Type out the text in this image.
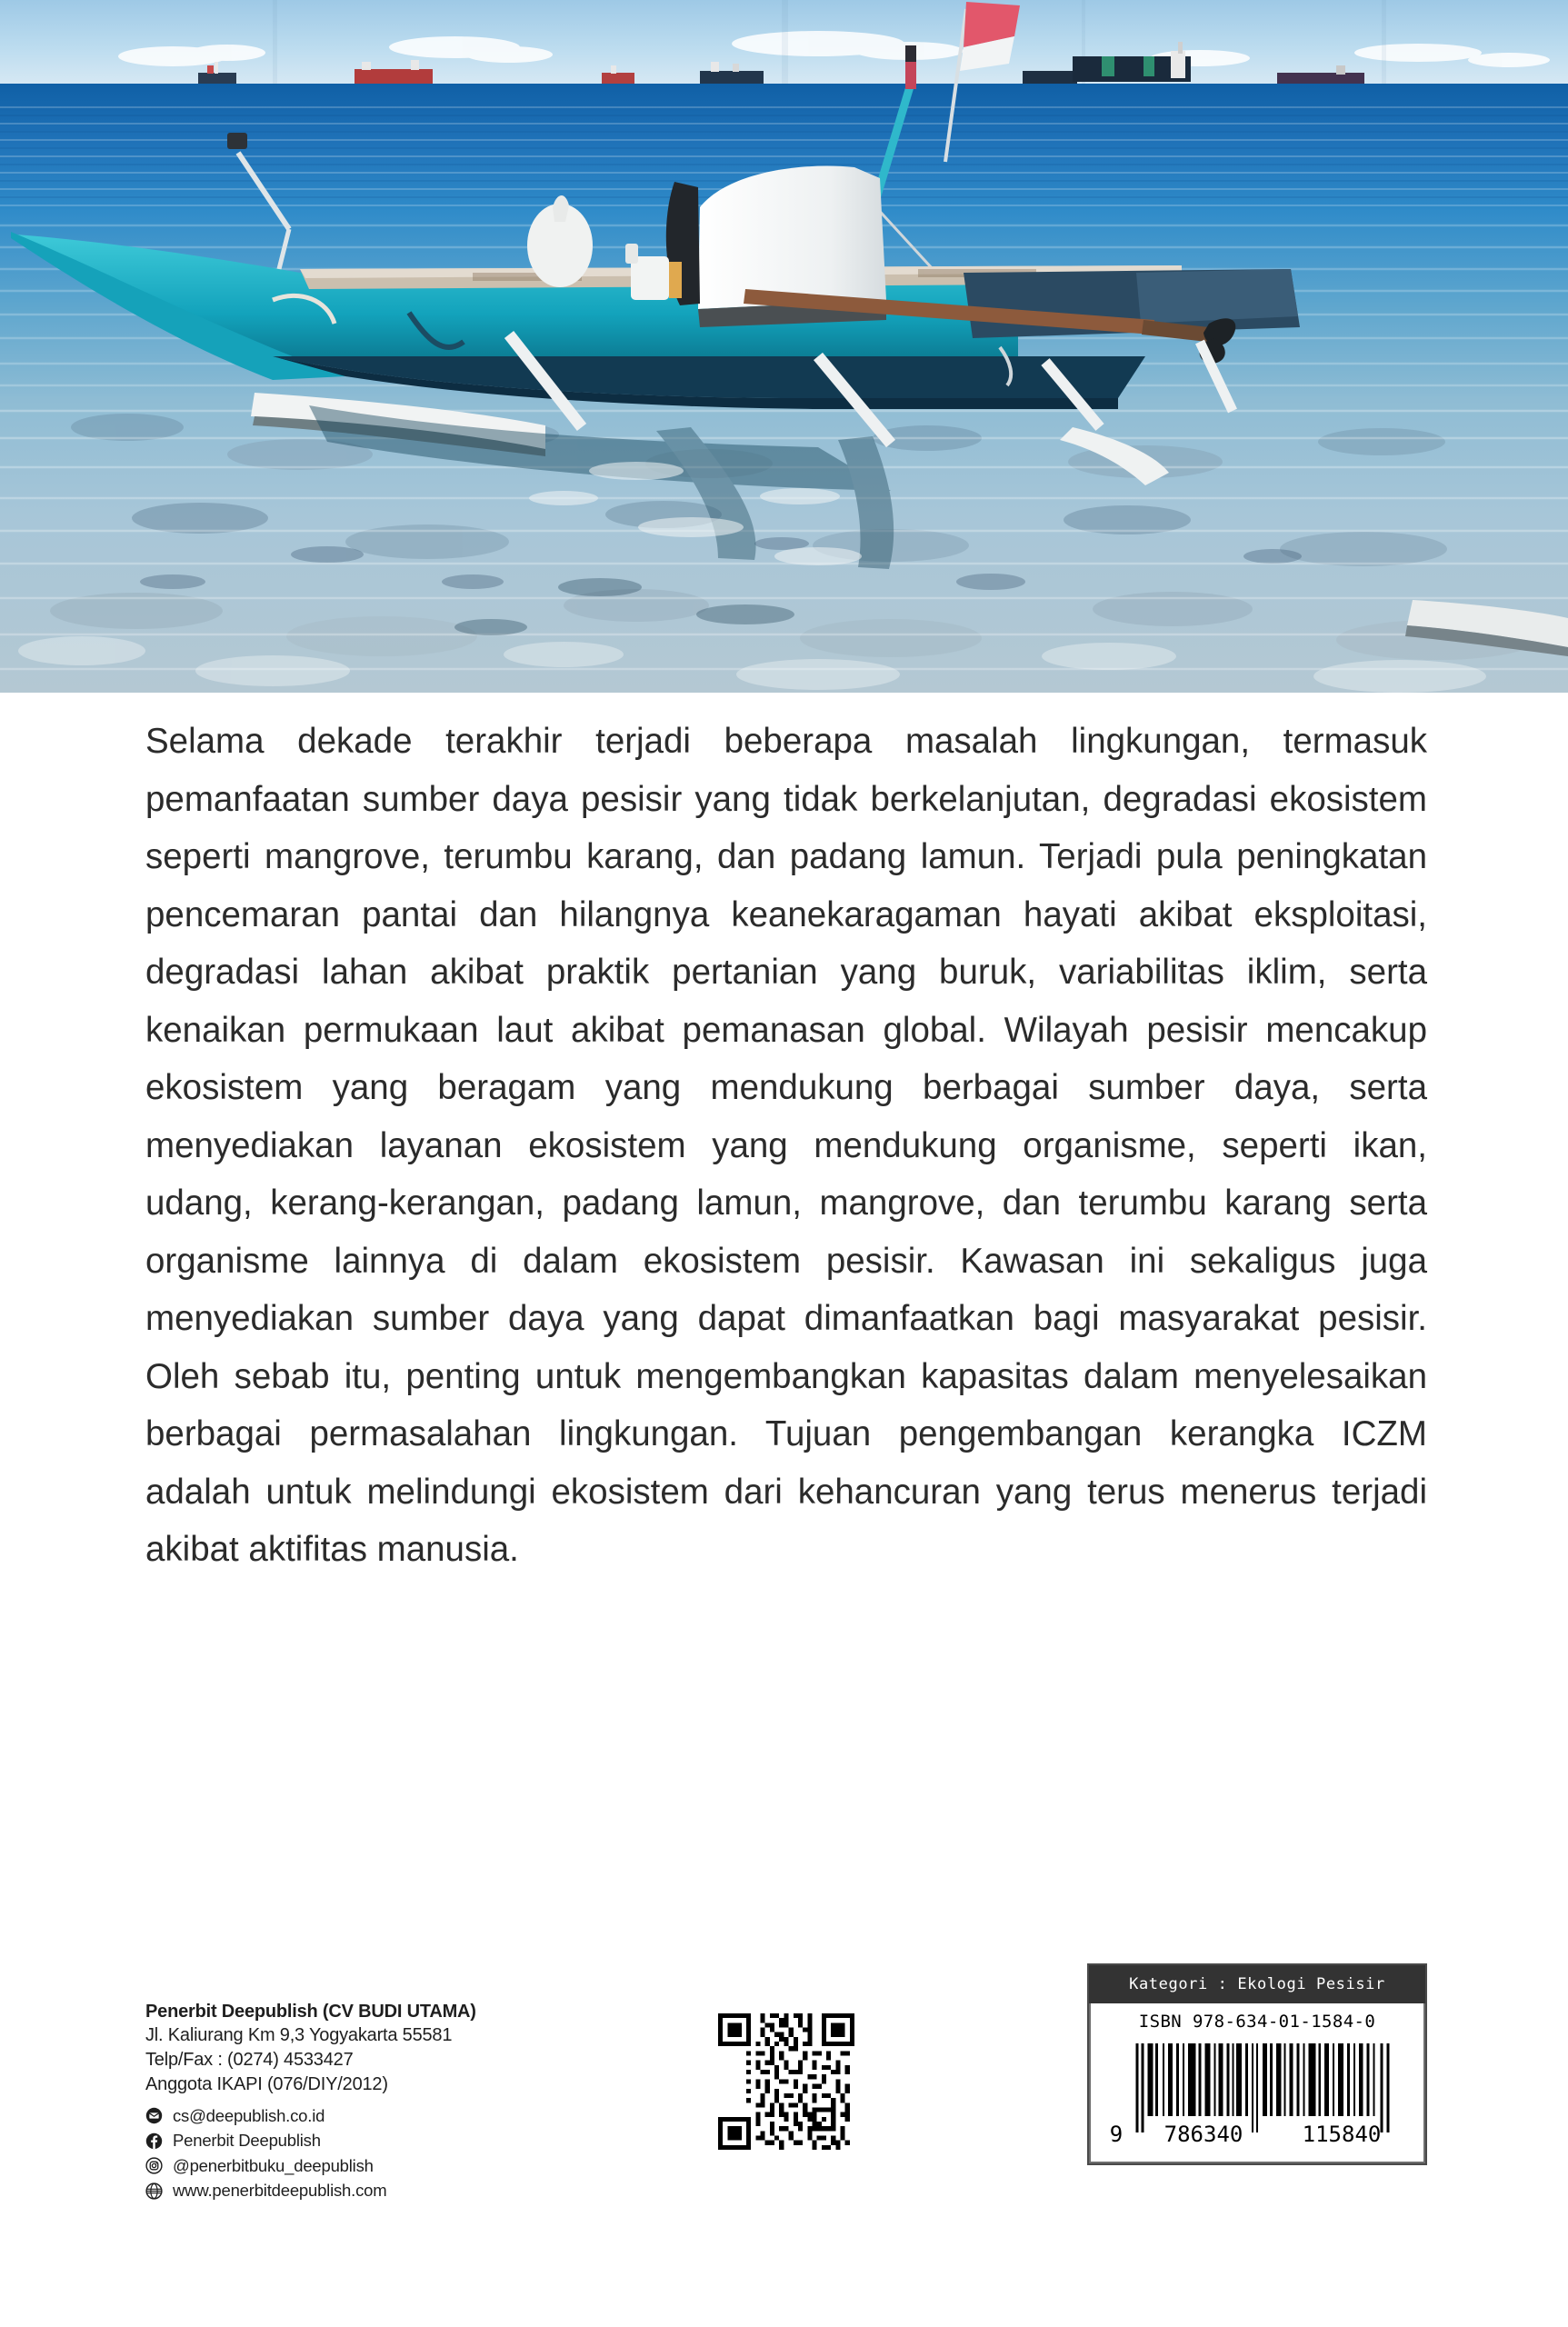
Selama dekade terakhir terjadi beberapa masalah lingkungan, termasuk pemanfaatan sumber daya pesisir yang tidak berkelanjutan, degradasi ekosistem seperti mangrove, terumbu karang, dan padang lamun. Terjadi pula peningkatan pencemaran pantai dan hilangnya keanekaragaman hayati akibat eksploitasi, degradasi lahan akibat praktik pertanian yang buruk, variabilitas iklim, serta kenaikan permukaan laut akibat pemanasan global. Wilayah pesisir mencakup ekosistem yang beragam yang mendukung berbagai sumber daya, serta menyediakan layanan ekosistem yang mendukung organisme, seperti ikan, udang, kerang-kerangan, padang lamun, mangrove, dan terumbu karang serta organisme lainnya di dalam ekosistem pesisir. Kawasan ini sekaligus juga menyediakan sumber daya yang dapat dimanfaatkan bagi masyarakat pesisir. Oleh sebab itu, penting untuk mengembangkan kapasitas dalam menyelesaikan berbagai permasalahan lingkungan. Tujuan pengembangan kerangka ICZM adalah untuk melindungi ekosistem dari kehancuran yang terus menerus terjadi akibat aktifitas manusia.

Penerbit Deepublish (CV BUDI UTAMA)
Jl. Kaliurang Km 9,3 Yogyakarta 55581
Telp/Fax : (0274) 4533427
Anggota IKAPI (076/DIY/2012)
cs@deepublish.co.id
Penerbit Deepublish
@penerbitbuku_deepublish
www.penerbitdeepublish.com
Kategori : Ekologi Pesisir
ISBN 978-634-01-1584-0
9	786340	115840
